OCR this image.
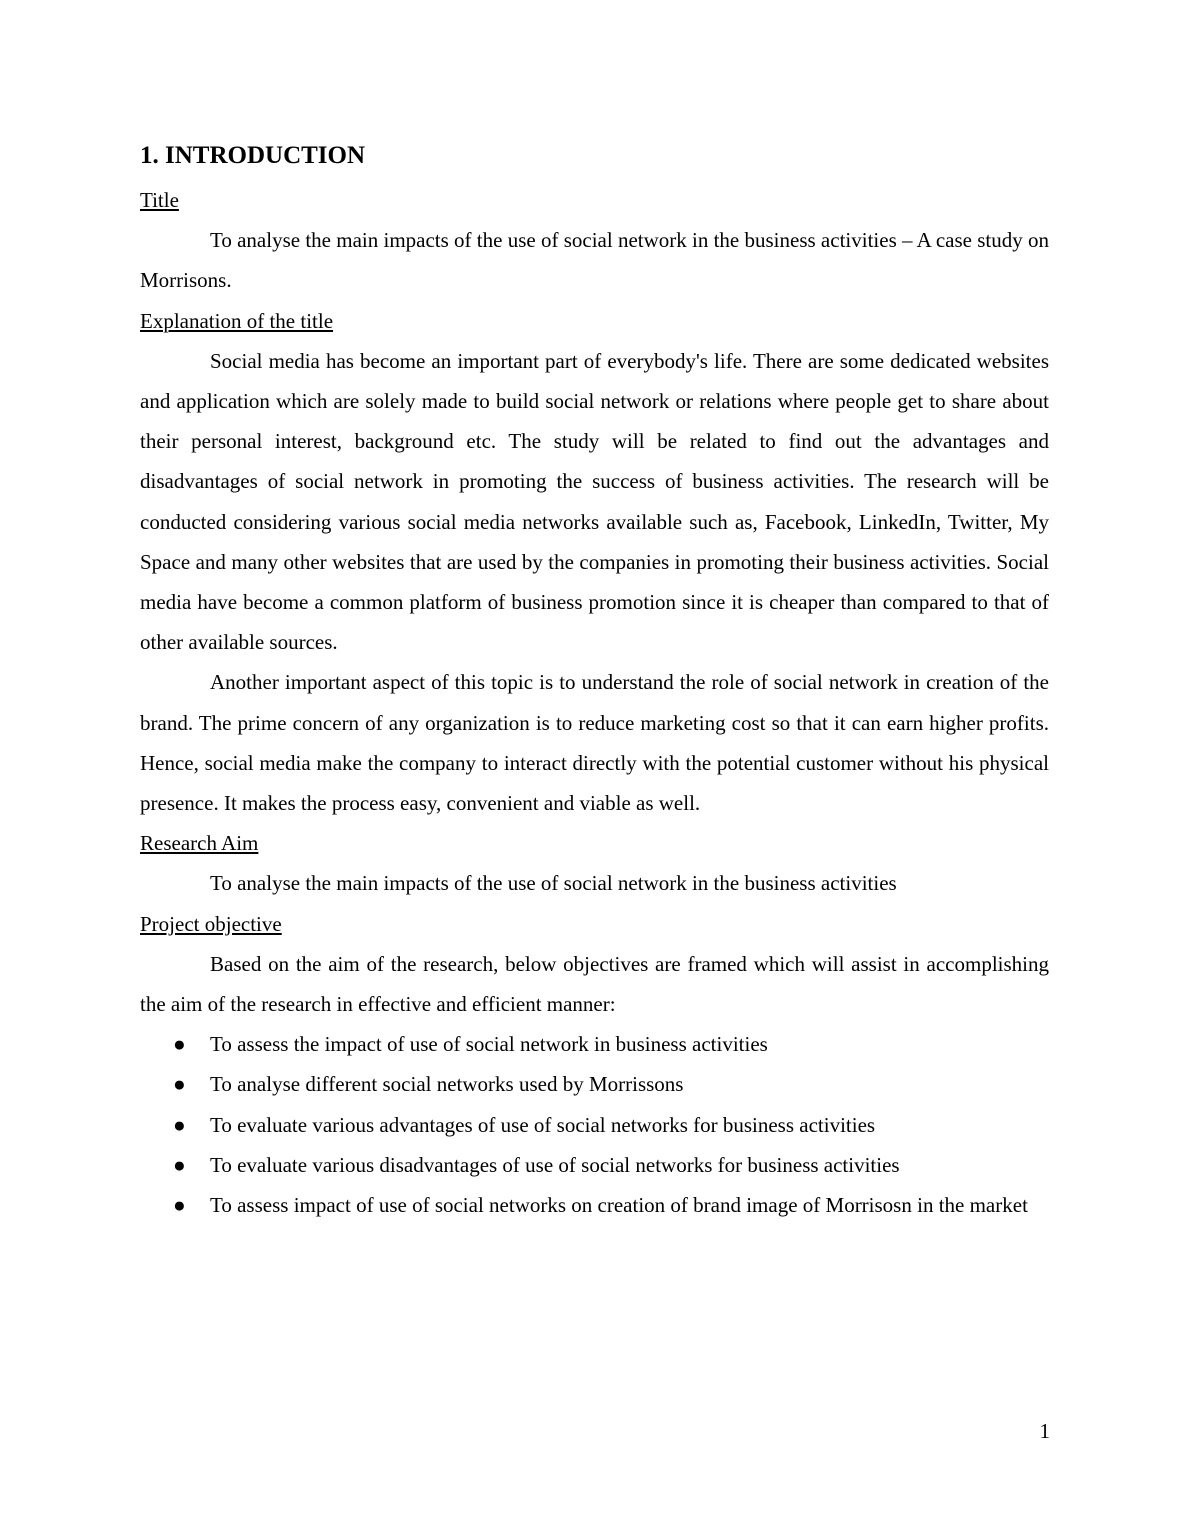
1. INTRODUCTION
Title

To analyse the main impacts of the use of social network in the business activities – A case study on Morrisons.

Explanation of the title

Social media has become an important part of everybody's life. There are some dedicated websites and application which are solely made to build social network or relations where people get to share about their personal interest, background etc. The study will be related to find out the advantages and disadvantages of social network in promoting the success of business activities. The research will be conducted considering various social media networks available such as, Facebook, LinkedIn, Twitter, My Space and many other websites that are used by the companies in promoting their business activities. Social media have become a common platform of business promotion since it is cheaper than compared to that of other available sources.

Another important aspect of this topic is to understand the role of social network in creation of the brand. The prime concern of any organization is to reduce marketing cost so that it can earn higher profits. Hence, social media make the company to interact directly with the potential customer without his physical presence. It makes the process easy, convenient and viable as well.

Research Aim

To analyse the main impacts of the use of social network in the business activities

Project objective

Based on the aim of the research, below objectives are framed which will assist in accomplishing the aim of the research in effective and efficient manner:

● To assess the impact of use of social network in business activities
● To analyse different social networks used by Morrissons
● To evaluate various advantages of use of social networks for business activities
● To evaluate various disadvantages of use of social networks for business activities
● To assess impact of use of social networks on creation of brand image of Morrisosn in the market
1
